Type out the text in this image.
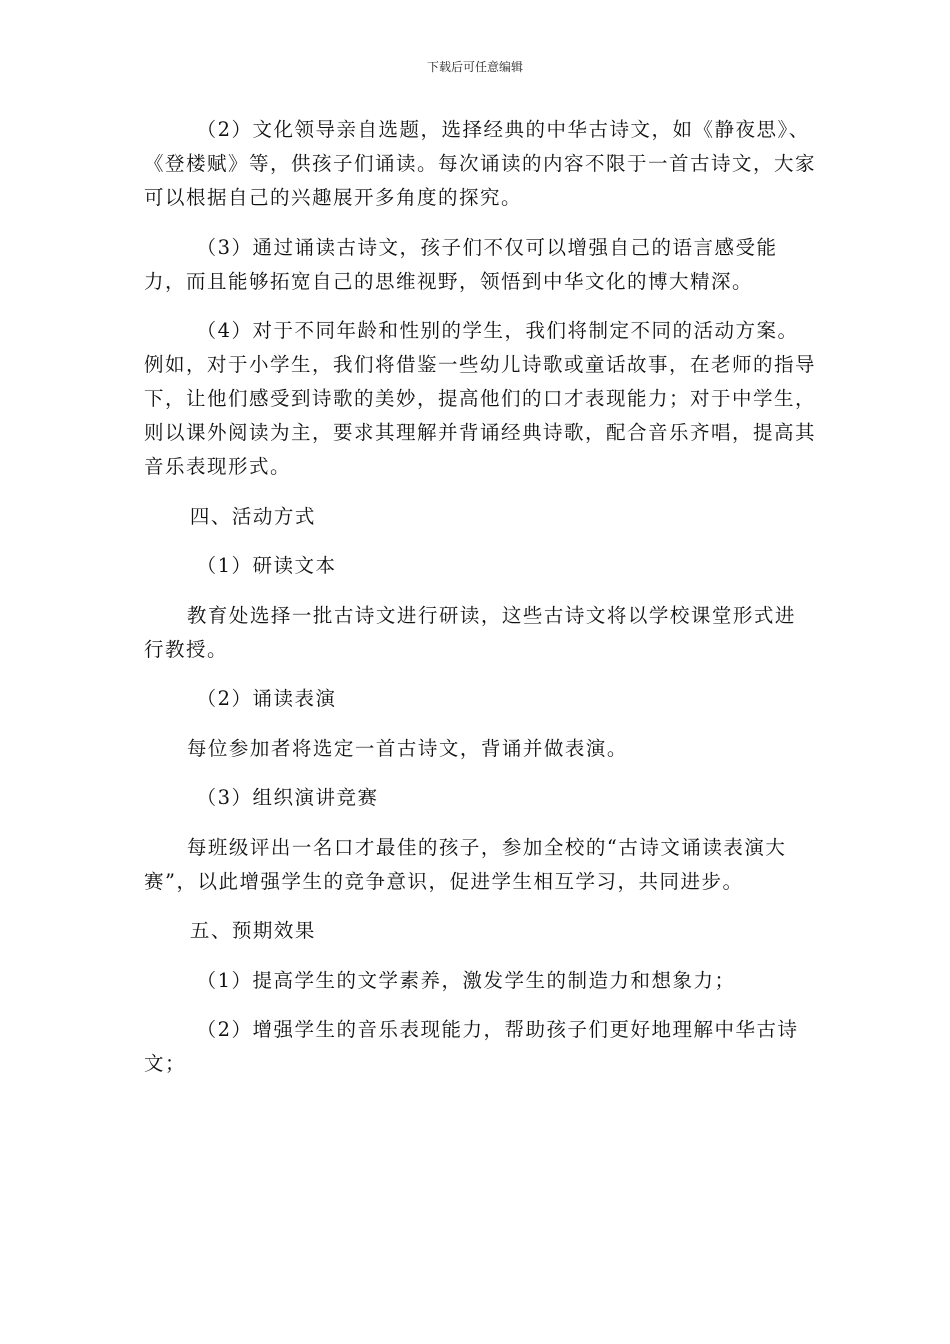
下载后可任意编辑

（2）文化领导亲自选题，选择经典的中华古诗文，如《静夜思》、《登楼赋》等，供孩子们诵读。每次诵读的内容不限于一首古诗文，大家可以根据自己的兴趣展开多角度的探究。

（3）通过诵读古诗文，孩子们不仅可以增强自己的语言感受能力，而且能够拓宽自己的思维视野，领悟到中华文化的博大精深。

（4）对于不同年龄和性别的学生，我们将制定不同的活动方案。例如，对于小学生，我们将借鉴一些幼儿诗歌或童话故事，在老师的指导下，让他们感受到诗歌的美妙，提高他们的口才表现能力；对于中学生，则以课外阅读为主，要求其理解并背诵经典诗歌，配合音乐齐唱，提高其音乐表现形式。

四、活动方式

（1）研读文本

教育处选择一批古诗文进行研读，这些古诗文将以学校课堂形式进行教授。

（2）诵读表演

每位参加者将选定一首古诗文，背诵并做表演。

（3）组织演讲竞赛

每班级评出一名口才最佳的孩子，参加全校的“古诗文诵读表演大赛”，以此增强学生的竞争意识，促进学生相互学习，共同进步。

五、预期效果

（1）提高学生的文学素养，激发学生的制造力和想象力；

（2）增强学生的音乐表现能力，帮助孩子们更好地理解中华古诗文；
